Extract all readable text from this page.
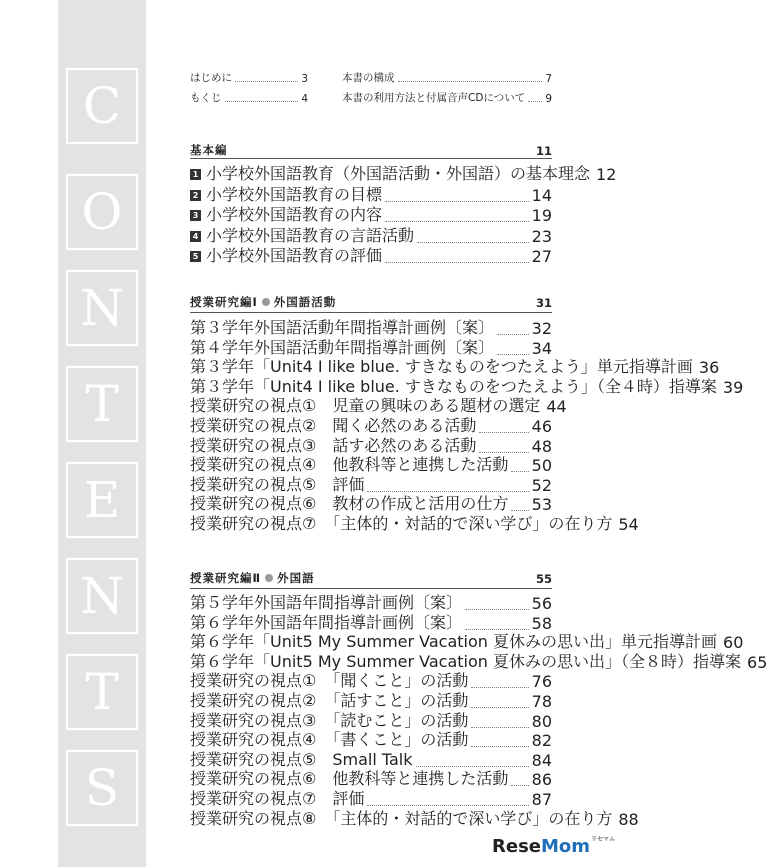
C
O
N
T
E
N
T
S
はじめに	3
もくじ	4
本書の構成	7
本書の利用方法と付属音声CDについて 9
基本編	11
1 小学校外国語教育（外国語活動・外国語）の基本理念 12
2 小学校外国語教育の目標	14
3 小学校外国語教育の内容	19
4 小学校外国語教育の言語活動	23
5 小学校外国語教育の評価	27
授業研究編Ⅰ 外国語活動	31
第３学年外国語活動年間指導計画例〔案〕 32
第４学年外国語活動年間指導計画例〔案〕 34
第３学年「Unit4 I like blue. すきなものをつたえよう」単元指導計画 36
第３学年「Unit4 I like blue. すきなものをつたえよう」（全４時）指導案 39
授業研究の視点①　児童の興味のある題材の選定 44
授業研究の視点②　聞く必然のある活動	46
授業研究の視点③　話す必然のある活動	48
授業研究の視点④　他教科等と連携した活動 50
授業研究の視点⑤　評価	52
授業研究の視点⑥　教材の作成と活用の仕方 53
授業研究の視点⑦　「主体的・対話的で深い学び」の在り方 54
授業研究編Ⅱ 外国語	55
第５学年外国語年間指導計画例〔案〕	56
第６学年外国語年間指導計画例〔案〕	58
第６学年「Unit5 My Summer Vacation 夏休みの思い出」単元指導計画 60
第６学年「Unit5 My Summer Vacation 夏休みの思い出」（全８時）指導案 65
授業研究の視点①　「聞くこと」の活動	76
授業研究の視点②　「話すこと」の活動	78
授業研究の視点③　「読むこと」の活動	80
授業研究の視点④　「書くこと」の活動	82
授業研究の視点⑤　Small Talk	84
授業研究の視点⑥　他教科等と連携した活動 86
授業研究の視点⑦　評価	87
授業研究の視点⑧　「主体的・対話的で深い学び」の在り方 88
Rese Mom リセマム
